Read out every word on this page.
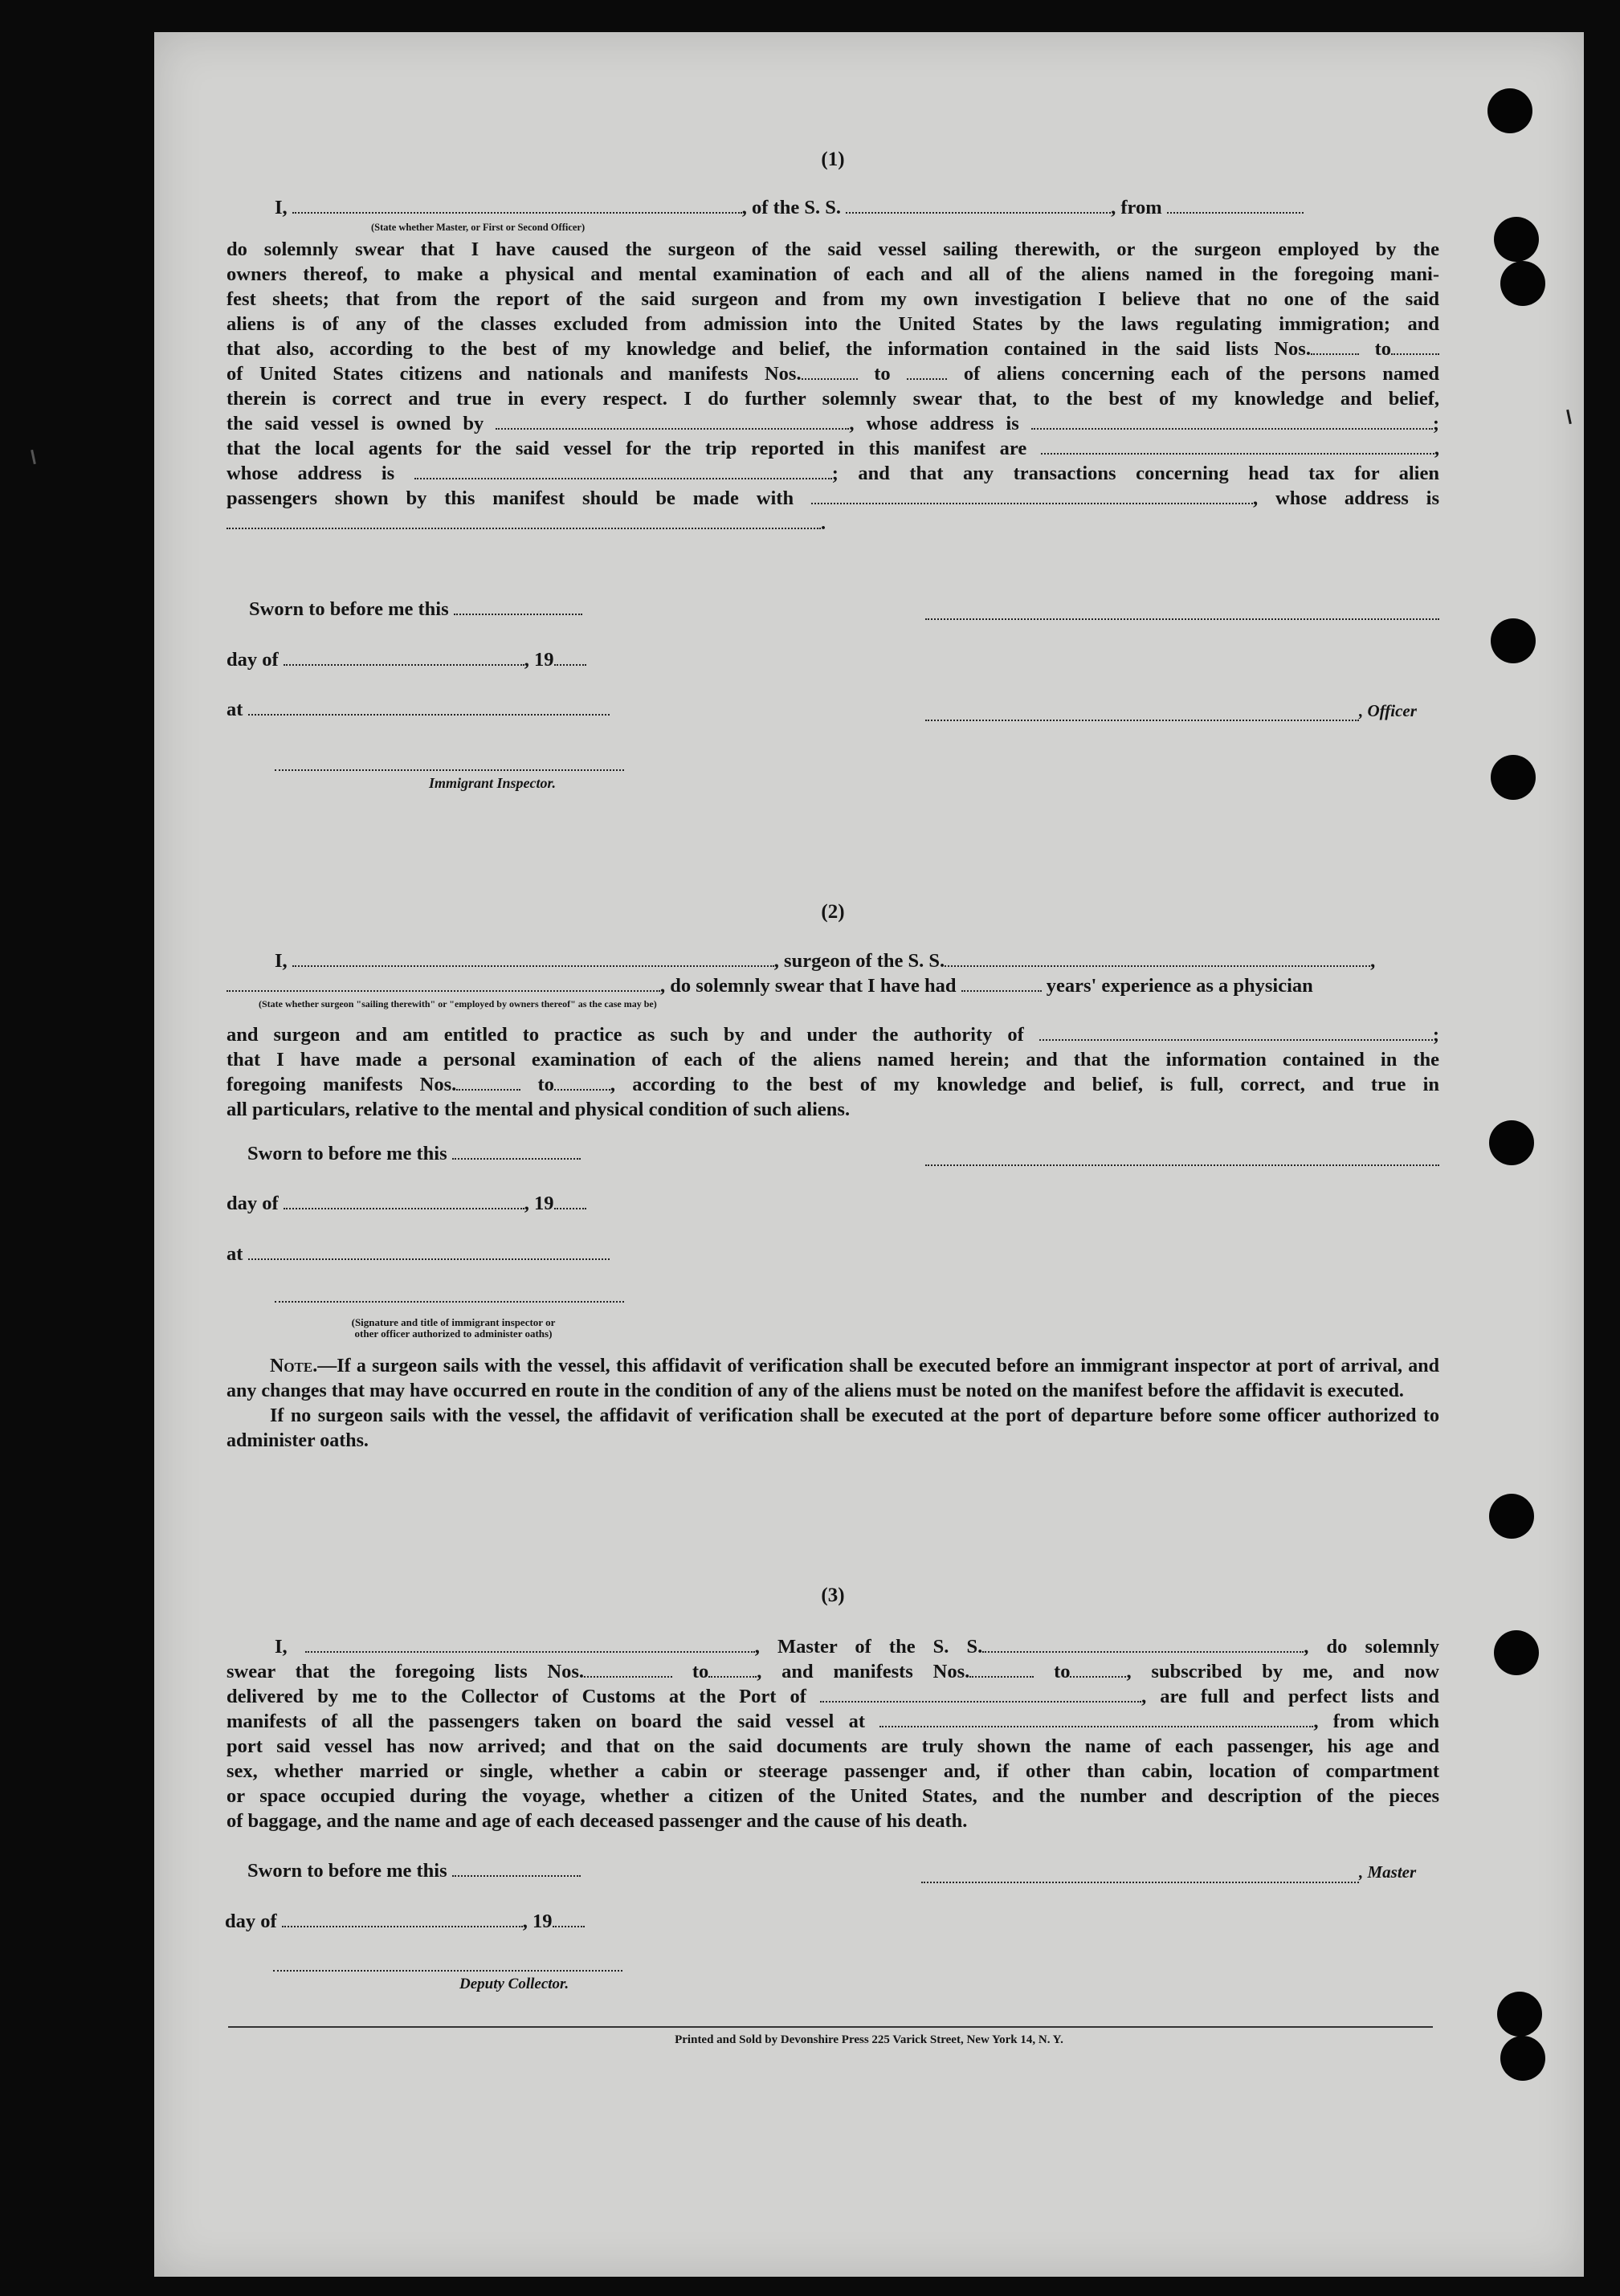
(1)
I,	, of the S. S.	, from
(State whether Master, or First or Second Officer)

do solemnly swear that I have caused the surgeon of the said vessel sailing therewith, or the surgeon employed by the

owners thereof, to make a physical and mental examination of each and all of the aliens named in the foregoing mani-

fest sheets; that from the report of the said surgeon and from my own investigation I believe that no one of the said

aliens is of any of the classes excluded from admission into the United States by the laws regulating immigration; and

that also, according to the best of my knowledge and belief, the information contained in the said lists Nos.	to

of United States citizens and nationals and manifests Nos.	to	of aliens concerning each of the persons named

therein is correct and true in every respect. I do further solemnly swear that, to the best of my knowledge and belief,

the said vessel is owned by	, whose address is	;

that the local agents for the said vessel for the trip reported in this manifest are	,

whose address is	; and that any transactions concerning head tax for alien

passengers shown by this manifest should be made with	, whose address is

.

Sworn to before me this
day of	, 19
at	, Officer
Immigrant Inspector.
(2)
I,	, surgeon of the S. S.	,
, do solemnly swear that I have had	years' experience as a physician
(State whether surgeon "sailing therewith" or "employed by owners thereof" as the case may be)

and surgeon and am entitled to practice as such by and under the authority of	;

that I have made a personal examination of each of the aliens named herein; and that the information contained in the

foregoing manifests Nos.	to	, according to the best of my knowledge and belief, is full, correct, and true in

all particulars, relative to the mental and physical condition of such aliens.

Sworn to before me this
day of	, 19
at
(Signature and title of immigrant inspector or
other officer authorized to administer oaths)

Note.—If a surgeon sails with the vessel, this affidavit of verification shall be executed before an immigrant inspector at port of arrival, and any changes that may have occurred en route in the condition of any of the aliens must be noted on the manifest before the affidavit is executed.

If no surgeon sails with the vessel, the affidavit of verification shall be executed at the port of departure before some officer authorized to administer oaths.

(3)

I,	, Master of the S. S.	, do solemnly

swear that the foregoing lists Nos.	to , and manifests Nos.	to	, subscribed by me, and now

delivered by me to the Collector of Customs at the Port of	, are full and perfect lists and

manifests of all the passengers taken on board the said vessel at	, from which

port said vessel has now arrived; and that on the said documents are truly shown the name of each passenger, his age and

sex, whether married or single, whether a cabin or steerage passenger and, if other than cabin, location of compartment

or space occupied during the voyage, whether a citizen of the United States, and the number and description of the pieces

of baggage, and the name and age of each deceased passenger and the cause of his death.

Sworn to before me this	, Master
day of	, 19
Deputy Collector.
Printed and Sold by Devonshire Press 225 Varick Street, New York 14, N. Y.
